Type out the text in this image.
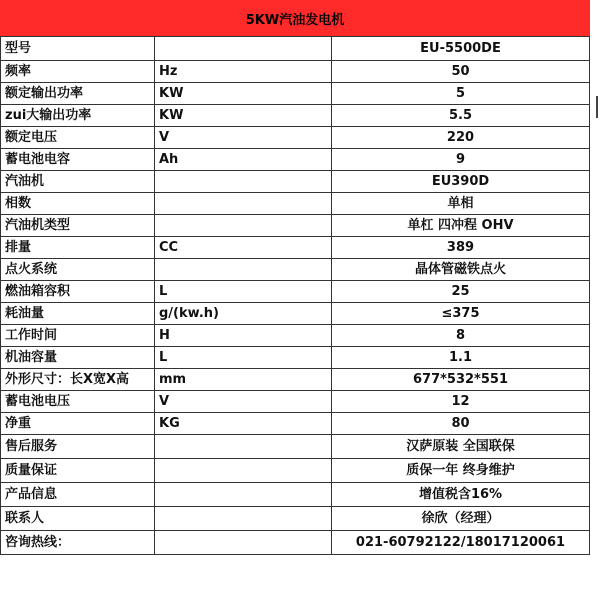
5KW汽油发电机
型号		EU-5500DE
频率	Hz	50
额定输出功率	KW	5
zui大输出功率	KW	5.5
额定电压	V	220
蓄电池电容	Ah	9
汽油机		EU390D
相数		单相
汽油机类型		单杠 四冲程 OHV
排量	CC	389
点火系统		晶体管磁铁点火
燃油箱容积	L	25
耗油量	g/(kw.h)	≤375
工作时间	H	8
机油容量	L	1.1
外形尺寸：长X宽X高	mm	677*532*551
蓄电池电压	V	12
净重	KG	80
售后服务		汉萨原装 全国联保
质量保证		质保一年 终身维护
产品信息		增值税含16%
联系人		徐欣（经理）
咨询热线：		021-60792122/18017120061
